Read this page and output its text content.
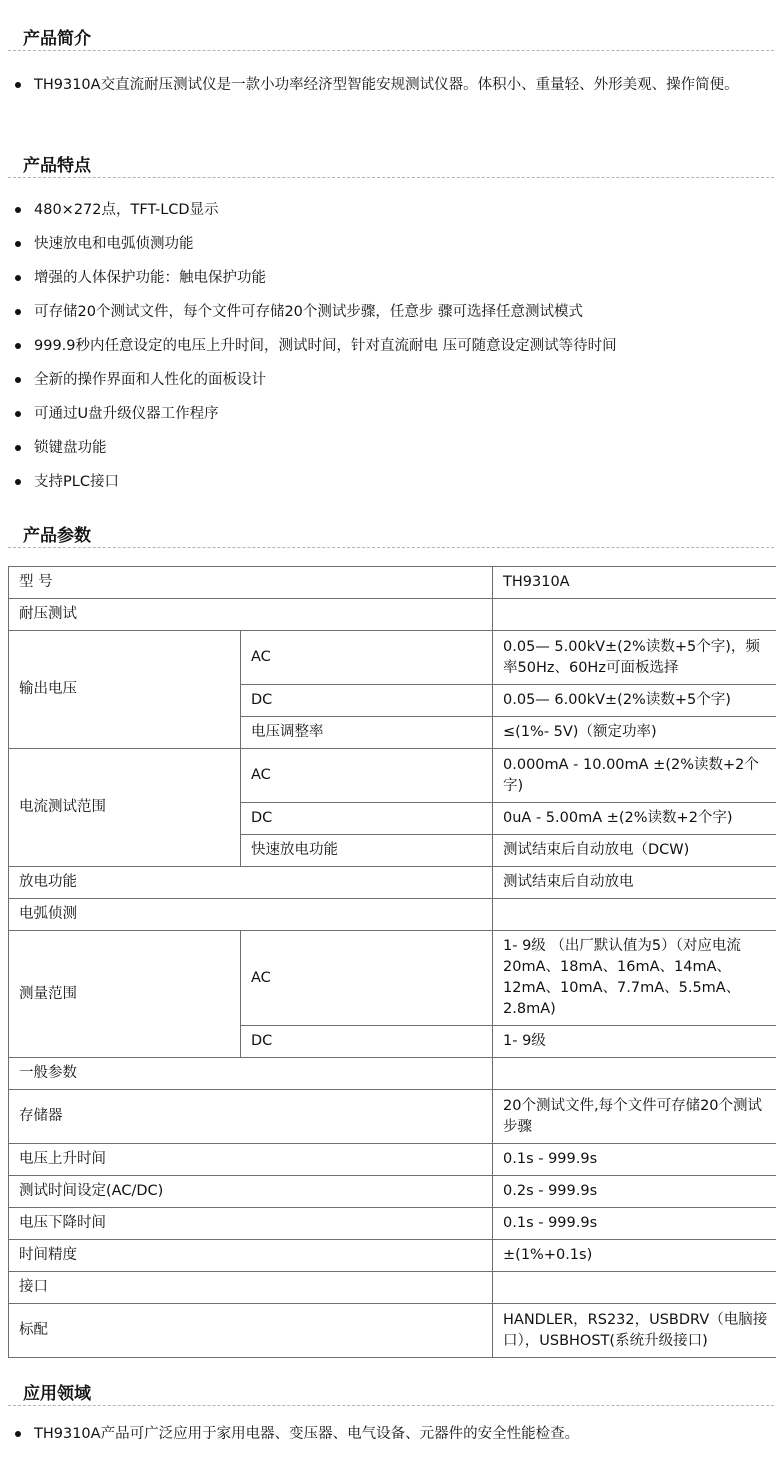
产品简介
TH9310A交直流耐压测试仪是一款小功率经济型智能安规测试仪器。体积小、重量轻、外形美观、操作简便。
产品特点
480×272点，TFT-LCD显示
快速放电和电弧侦测功能
增强的人体保护功能：触电保护功能
可存储20个测试文件，每个文件可存储20个测试步骤，任意步 骤可选择任意测试模式
999.9秒内任意设定的电压上升时间，测试时间，针对直流耐电 压可随意设定测试等待时间
全新的操作界面和人性化的面板设计
可通过U盘升级仪器工作程序
锁键盘功能
支持PLC接口
产品参数
型 号		TH9310A
耐压测试		
输出电压	AC	0.05— 5.00kV±(2%读数+5个字)，频率50Hz、60Hz可面板选择
	DC	0.05— 6.00kV±(2%读数+5个字)
	电压调整率	≤(1%- 5V)（额定功率)
电流测试范围	AC	0.000mA - 10.00mA ±(2%读数+2个字)
	DC	0uA - 5.00mA ±(2%读数+2个字)
	快速放电功能	测试结束后自动放电（DCW)
放电功能		测试结束后自动放电
电弧侦测		
测量范围	AC	1- 9级 （出厂默认值为5）（对应电流 20mA、18mA、16mA、14mA、12mA、10mA、7.7mA、5.5mA、2.8mA)
	DC	1- 9级
一般参数		
存储器		20个测试文件,每个文件可存储20个测试步骤
电压上升时间		0.1s - 999.9s
测试时间设定(AC/DC)		0.2s - 999.9s
电压下降时间		0.1s - 999.9s
时间精度		±(1%+0.1s)
接口		
标配		HANDLER，RS232，USBDRV（电脑接口），USBHOST(系统升级接口)
应用领域
TH9310A产品可广泛应用于家用电器、变压器、电气设备、元器件的安全性能检查。
